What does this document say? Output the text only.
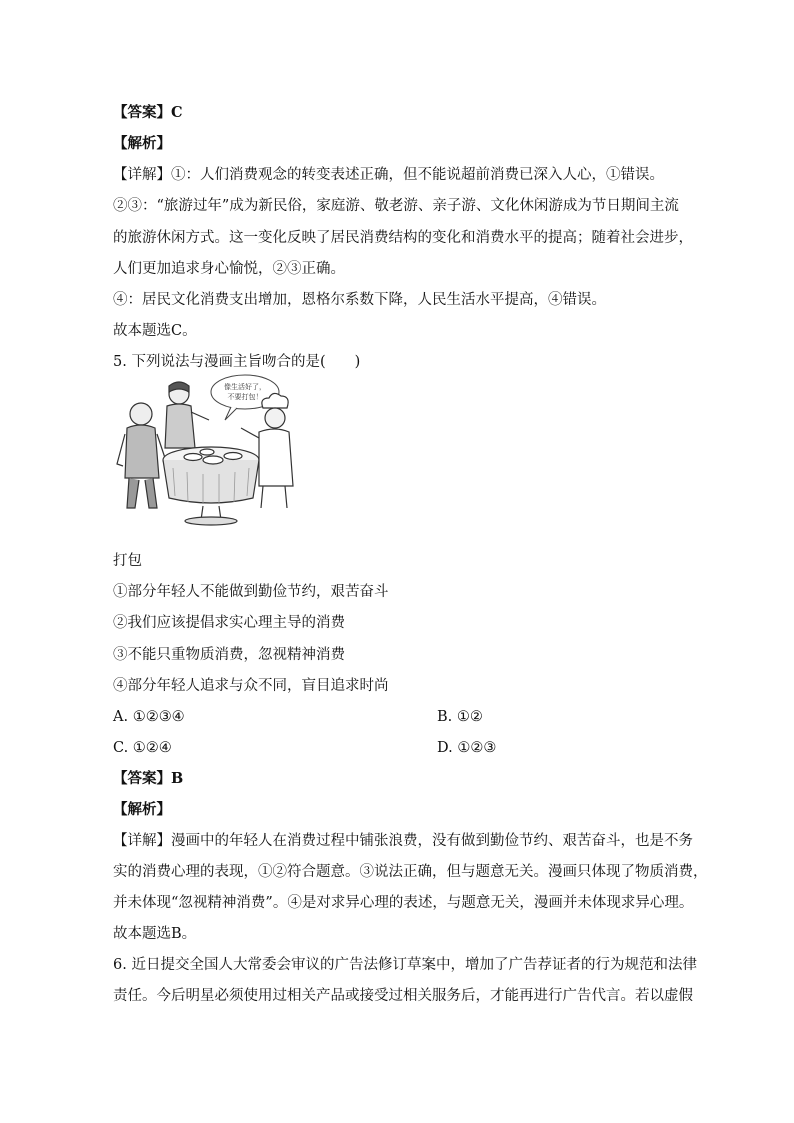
【答案】C
【解析】
【详解】①：人们消费观念的转变表述正确，但不能说超前消费已深入人心，①错误。
②③：“旅游过年”成为新民俗，家庭游、敬老游、亲子游、文化休闲游成为节日期间主流
的旅游休闲方式。这一变化反映了居民消费结构的变化和消费水平的提高；随着社会进步，
人们更加追求身心愉悦，②③正确。
④：居民文化消费支出增加，恩格尔系数下降，人民生活水平提高，④错误。
故本题选C。
5. 下列说法与漫画主旨吻合的是(　　)
像生活好了，
不要打包！
打包
①部分年轻人不能做到勤俭节约，艰苦奋斗
②我们应该提倡求实心理主导的消费
③不能只重物质消费，忽视精神消费
④部分年轻人追求与众不同，盲目追求时尚
A. ①②③④	B. ①②
C. ①②④	D. ①②③
【答案】B
【解析】
【详解】漫画中的年轻人在消费过程中铺张浪费，没有做到勤俭节约、艰苦奋斗，也是不务
实的消费心理的表现，①②符合题意。③说法正确，但与题意无关。漫画只体现了物质消费，
并未体现“忽视精神消费”。④是对求异心理的表述，与题意无关，漫画并未体现求异心理。
故本题选B。
6. 近日提交全国人大常委会审议的广告法修订草案中，增加了广告荐证者的行为规范和法律
责任。今后明星必须使用过相关产品或接受过相关服务后，才能再进行广告代言。若以虚假
